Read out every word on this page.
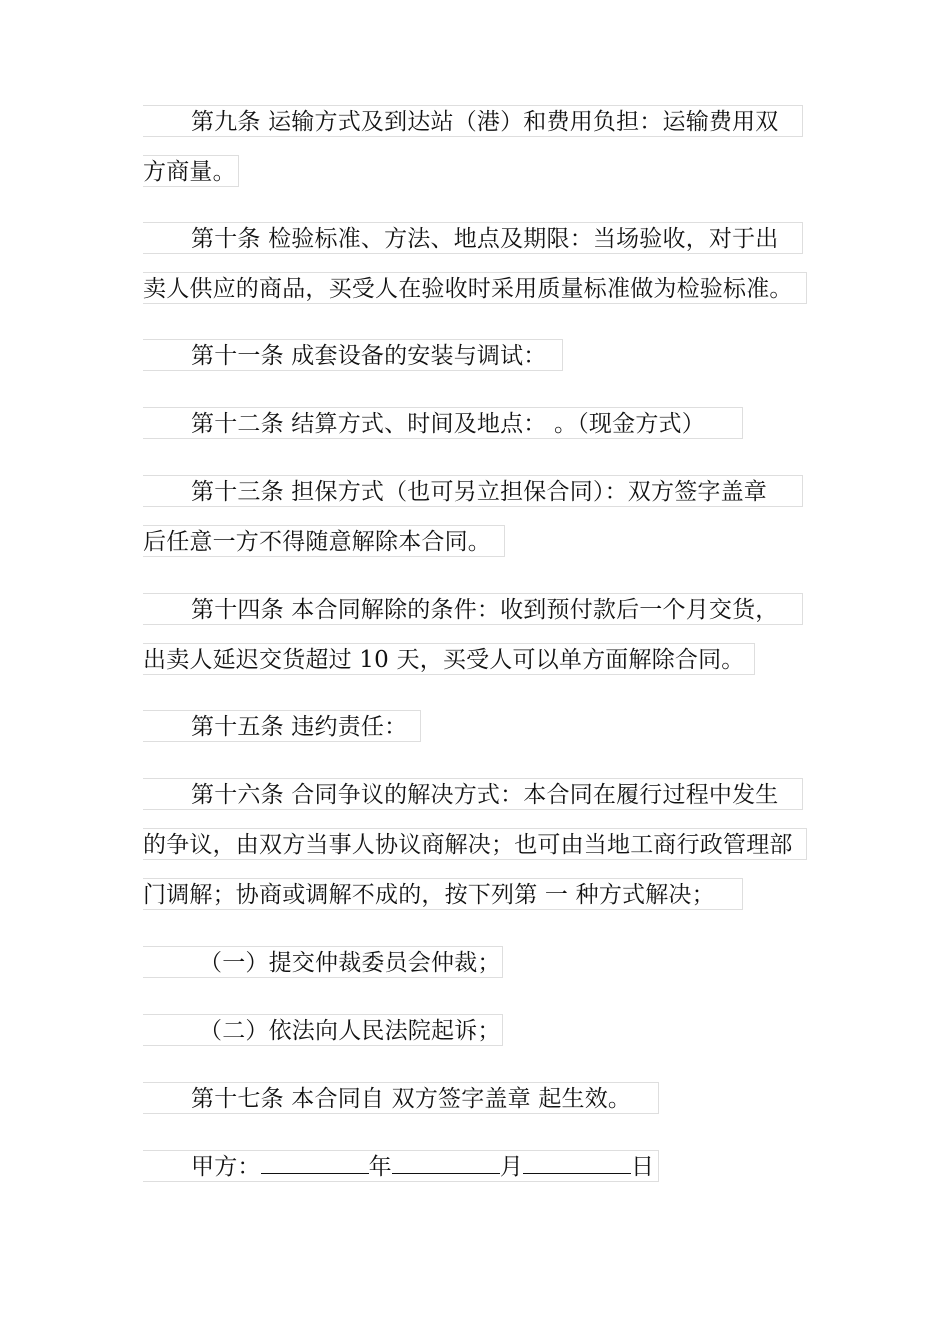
第九条 运输方式及到达站（港）和费用负担：运输费用双
方商量。
第十条 检验标准、方法、地点及期限：当场验收，对于出
卖人供应的商品，买受人在验收时采用质量标准做为检验标准。
第十一条 成套设备的安装与调试：
第十二条 结算方式、时间及地点： 。（现金方式）
第十三条 担保方式（也可另立担保合同）：双方签字盖章
后任意一方不得随意解除本合同。
第十四条 本合同解除的条件：收到预付款后一个月交货，
出卖人延迟交货超过 10 天，买受人可以单方面解除合同。
第十五条 违约责任：
第十六条 合同争议的解决方式：本合同在履行过程中发生
的争议，由双方当事人协议商解决；也可由当地工商行政管理部
门调解；协商或调解不成的，按下列第 一 种方式解决；
（一）提交仲裁委员会仲裁；
（二）依法向人民法院起诉；
第十七条 本合同自 双方签字盖章 起生效。
甲方：	年	月	日
